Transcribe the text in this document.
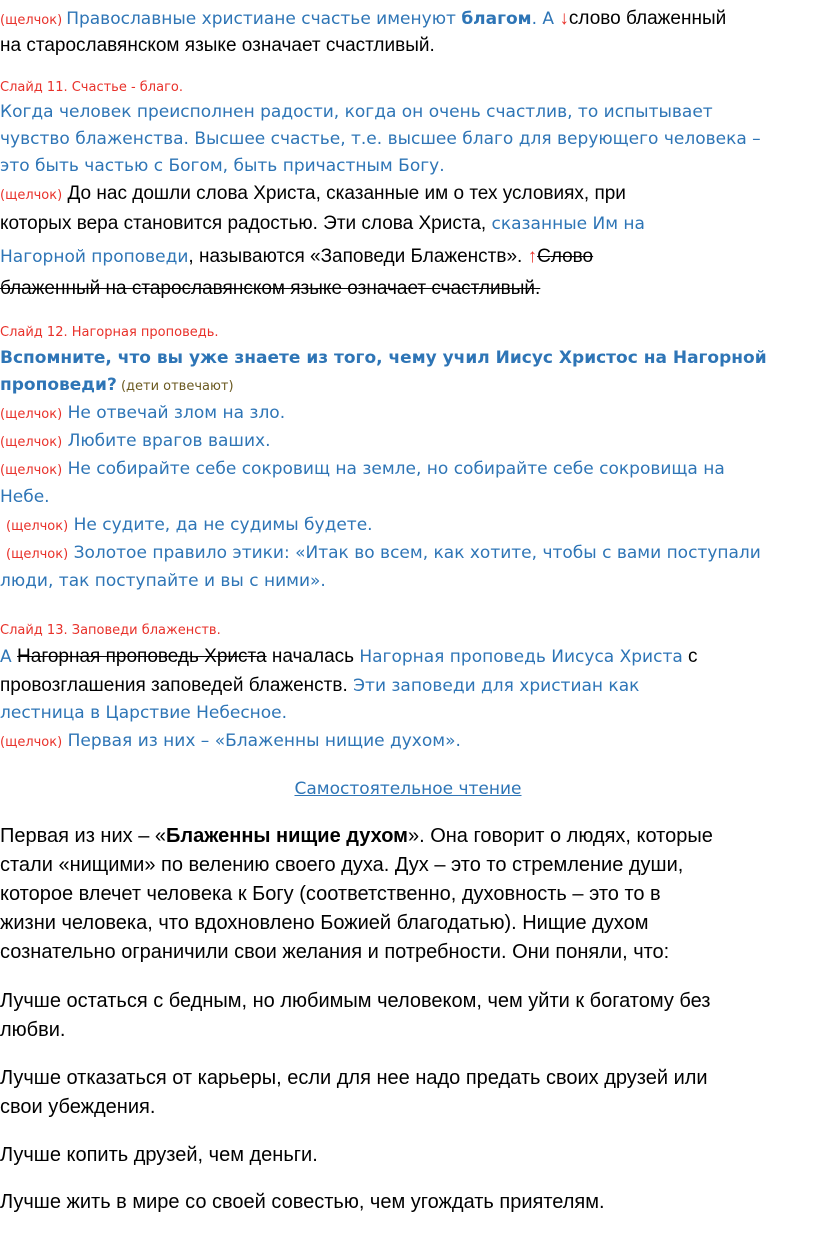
(щелчок) Православные христиане счастье именуют благом. А ↓слово блаженный
на старославянском языке означает счастливый.
Слайд 11. Счастье - благо.
Когда человек преисполнен радости, когда он очень счастлив, то испытывает
чувство блаженства. Высшее счастье, т.е. высшее благо для верующего человека –
это быть частью с Богом, быть причастным Богу.
(щелчок) До нас дошли слова Христа, сказанные им о тех условиях, при
которых вера становится радостью. Эти слова Христа, сказанные Им на
Нагорной проповеди, называются «Заповеди Блаженств». ↑Слово
блаженный на старославянском языке означает счастливый.
Слайд 12. Нагорная проповедь.
Вспомните, что вы уже знаете из того, чему учил Иисус Христос на Нагорной
проповеди? (дети отвечают)
(щелчок) Не отвечай злом на зло.
(щелчок) Любите врагов ваших.
(щелчок) Не собирайте себе сокровищ на земле, но собирайте себе сокровища на
Небе.
(щелчок) Не судите, да не судимы будете.
(щелчок) Золотое правило этики: «Итак во всем, как хотите, чтобы с вами поступали
люди, так поступайте и вы с ними».
Слайд 13. Заповеди блаженств.
А Нагорная проповедь Христа началась Нагорная проповедь Иисуса Христа с
провозглашения заповедей блаженств. Эти заповеди для христиан как
лестница в Царствие Небесное.
(щелчок) Первая из них – «Блаженны нищие духом».
Самостоятельное чтение
Первая из них – «Блаженны нищие духом». Она говорит о людях, которые
стали «нищими» по велению своего духа. Дух – это то стремление души,
которое влечет человека к Богу (соответственно, духовность – это то в
жизни человека, что вдохновлено Божией благодатью). Нищие духом
сознательно ограничили свои желания и потребности. Они поняли, что:
Лучше остаться с бедным, но любимым человеком, чем уйти к богатому без
любви.
Лучше отказаться от карьеры, если для нее надо предать своих друзей или
свои убеждения.
Лучше копить друзей, чем деньги.
Лучше жить в мире со своей совестью, чем угождать приятелям.
